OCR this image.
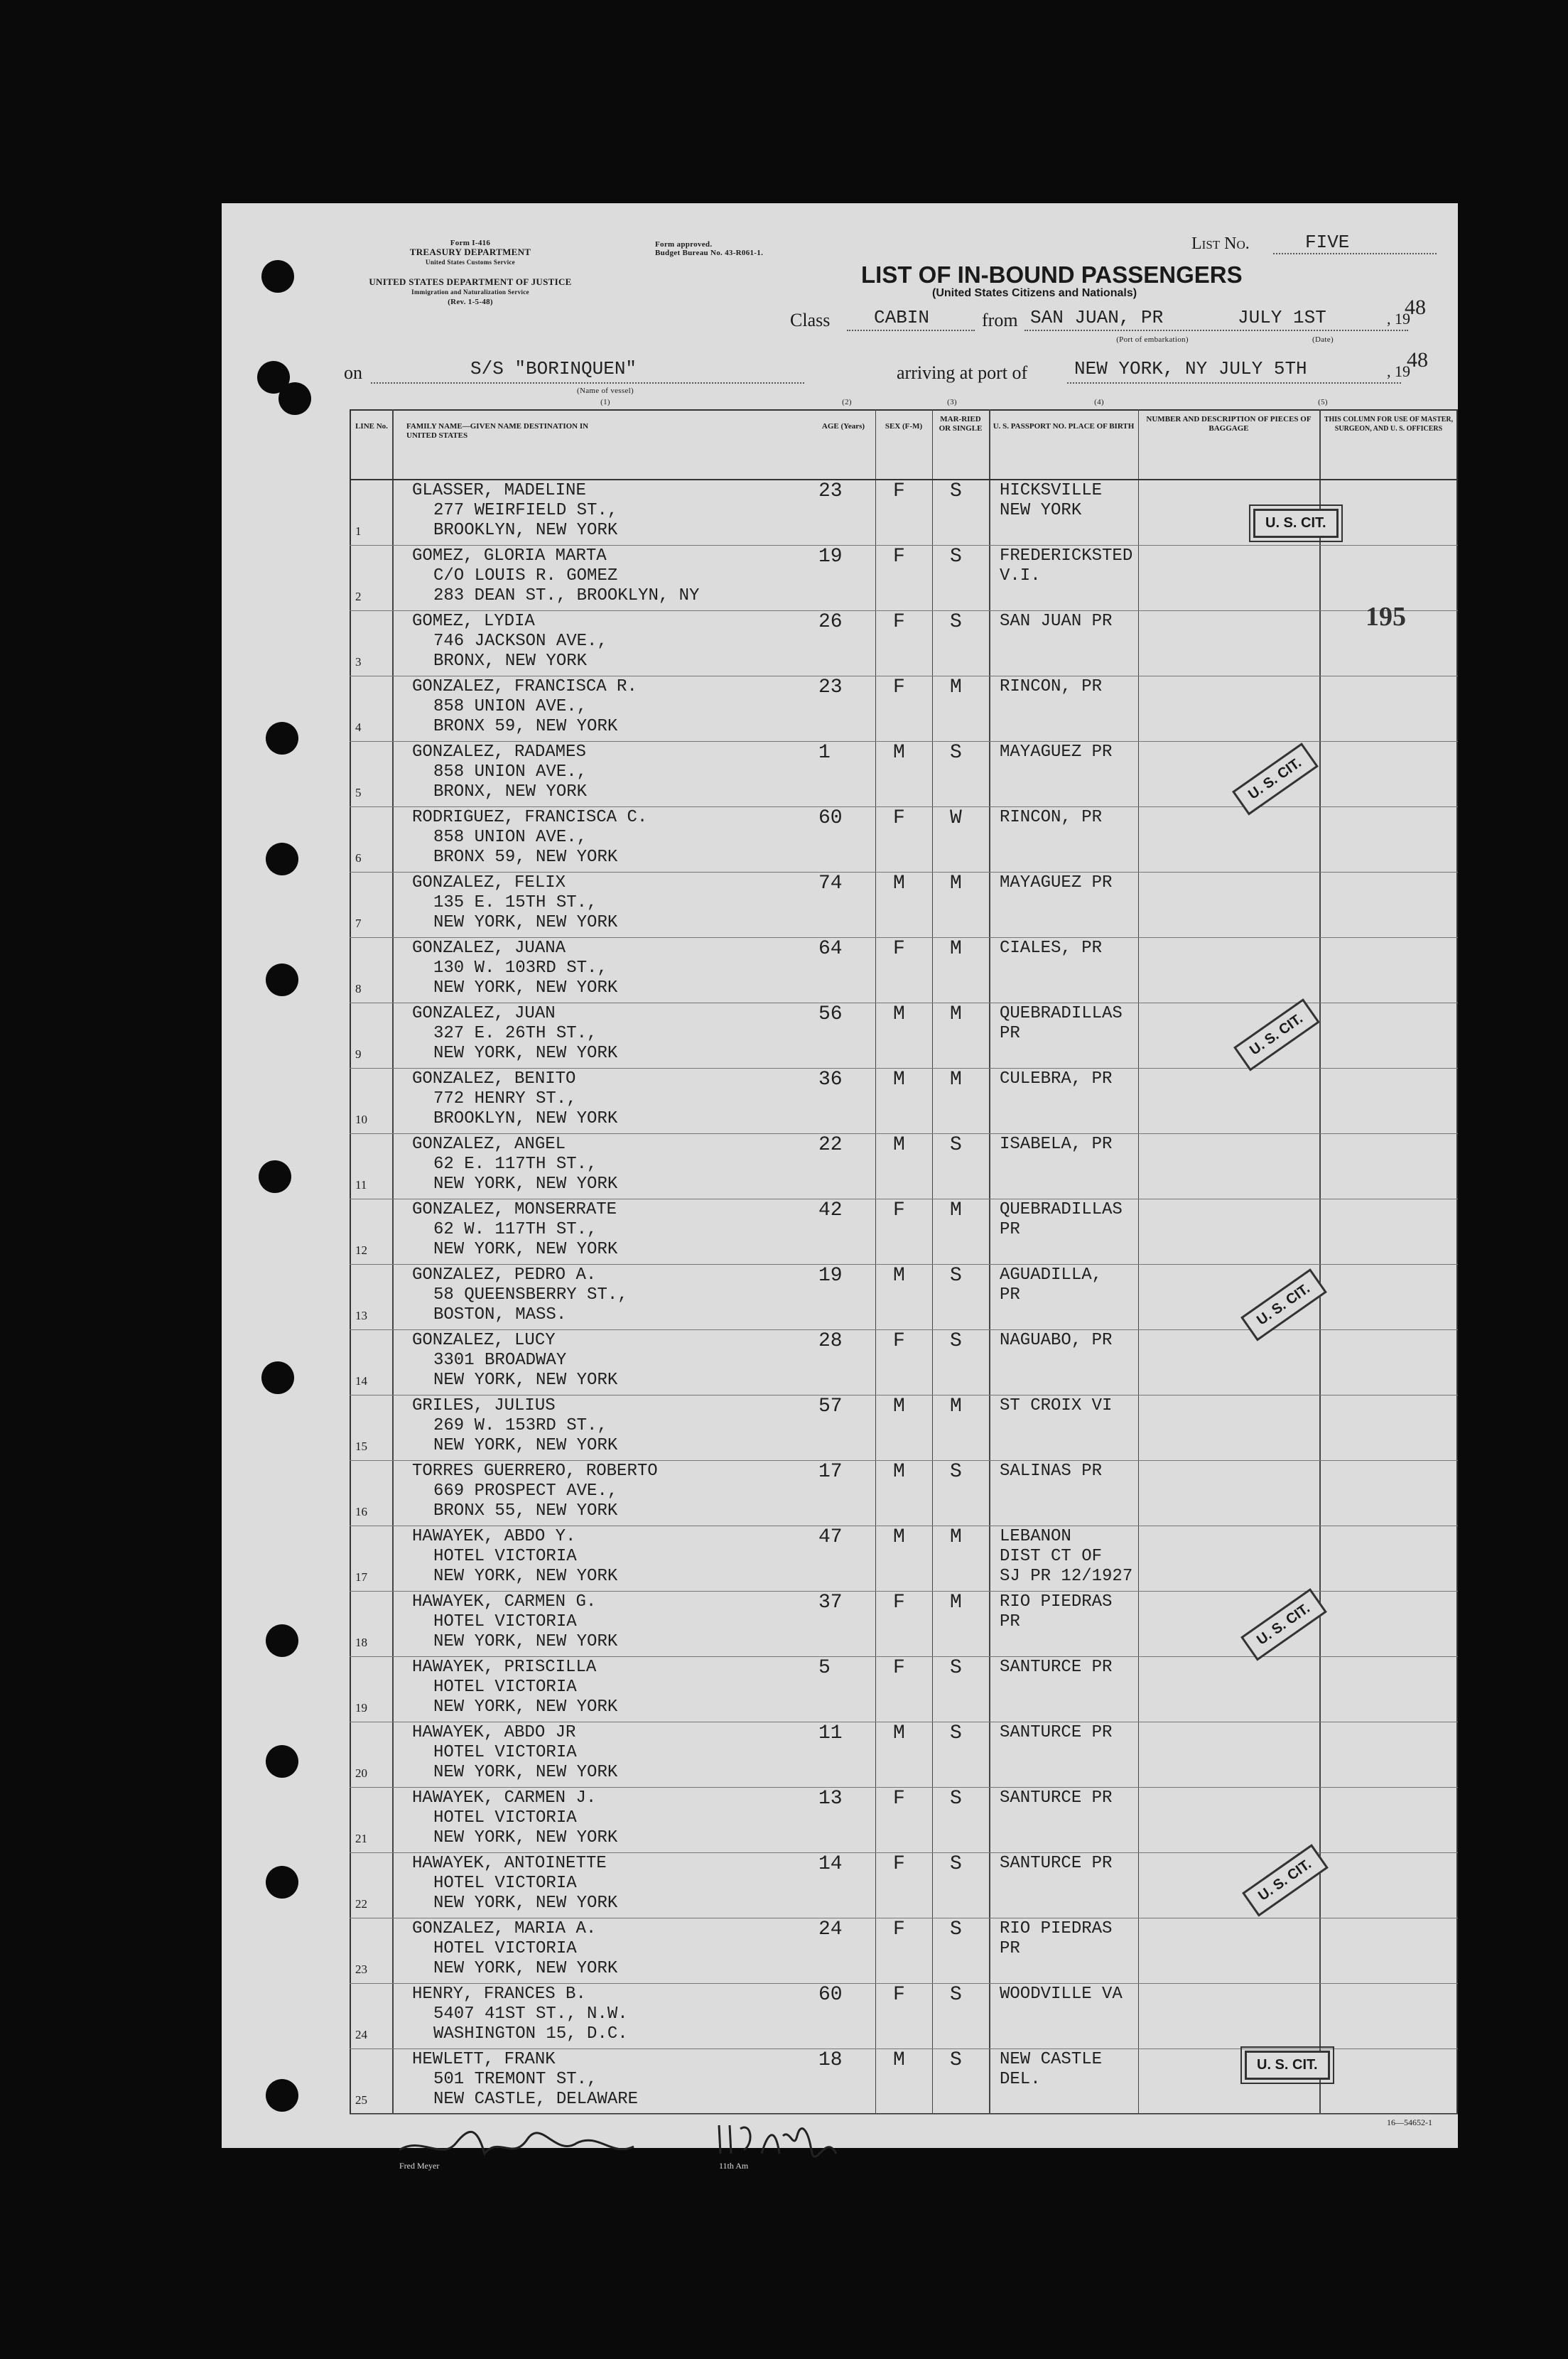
Form I-416
TREASURY DEPARTMENT
United States Customs Service
UNITED STATES DEPARTMENT OF JUSTICE
Immigration and Naturalization Service
(Rev. 1-5-48)
Form approved.
Budget Bureau No. 43-R061-1.	List No.	FIVE
LIST OF IN-BOUND PASSENGERS
(United States Citizens and Nationals)
Class CABIN	from SAN JUAN, PR	JULY 1ST	, 19
48
(Port of embarkation)	(Date)
on	S/S "BORINQUEN"	arriving at port of	NEW YORK, NY JULY 5TH	, 19
48
(Name of vessel)
(1)	(2)	(3)	(4)	(5)
LINE No.	FAMILY NAME—GIVEN NAME DESTINATION IN UNITED STATES
AGE (Years)	SEX (F-M)
MAR-RIED OR SINGLE	U. S. PASSPORT NO. PLACE OF BIRTH
NUMBER AND DESCRIPTION OF PIECES OF BAGGAGE
THIS COLUMN FOR USE OF MASTER, SURGEON, AND U. S. OFFICERS
1
GLASSER, MADELINE
277 WEIRFIELD ST.,
BROOKLYN, NEW YORK
23	F S HICKSVILLE
NEW YORK
2
GOMEZ, GLORIA MARTA
C/O LOUIS R. GOMEZ
283 DEAN ST., BROOKLYN, NY
19	F S FREDERICKSTED
V.I.
3
GOMEZ, LYDIA
746 JACKSON AVE.,
BRONX, NEW YORK
26	F S SAN JUAN PR
4
GONZALEZ, FRANCISCA R.
858 UNION AVE.,
BRONX 59, NEW YORK
23	F M RINCON, PR
5
GONZALEZ, RADAMES
858 UNION AVE.,
BRONX, NEW YORK
1	M S MAYAGUEZ PR
6
RODRIGUEZ, FRANCISCA C.
858 UNION AVE.,
BRONX 59, NEW YORK
60	F W RINCON, PR
7
GONZALEZ, FELIX
135 E. 15TH ST.,
NEW YORK, NEW YORK
74	M M MAYAGUEZ PR
8
GONZALEZ, JUANA
130 W. 103RD ST.,
NEW YORK, NEW YORK
64	F M CIALES, PR
9
GONZALEZ, JUAN
327 E. 26TH ST.,
NEW YORK, NEW YORK
56	M M QUEBRADILLAS
PR
10
GONZALEZ, BENITO
772 HENRY ST.,
BROOKLYN, NEW YORK
36	M M CULEBRA, PR
11
GONZALEZ, ANGEL
62 E. 117TH ST.,
NEW YORK, NEW YORK
22	M S ISABELA, PR
12
GONZALEZ, MONSERRATE
62 W. 117TH ST.,
NEW YORK, NEW YORK
42	F M QUEBRADILLAS
PR
13
GONZALEZ, PEDRO A.
58 QUEENSBERRY ST.,
BOSTON, MASS.
19	M S AGUADILLA,
PR
14
GONZALEZ, LUCY
3301 BROADWAY
NEW YORK, NEW YORK
28	F S NAGUABO, PR
15
GRILES, JULIUS
269 W. 153RD ST.,
NEW YORK, NEW YORK
57	M M ST CROIX VI
16
TORRES GUERRERO, ROBERTO
669 PROSPECT AVE.,
BRONX 55, NEW YORK
17	M S SALINAS PR
17
HAWAYEK, ABDO Y.
HOTEL VICTORIA
NEW YORK, NEW YORK
47	M M LEBANON
DIST CT OF
SJ PR 12/1927
18
HAWAYEK, CARMEN G.
HOTEL VICTORIA
NEW YORK, NEW YORK
37	F M RIO PIEDRAS
PR
19
HAWAYEK, PRISCILLA
HOTEL VICTORIA
NEW YORK, NEW YORK
5	F S SANTURCE PR
20
HAWAYEK, ABDO JR
HOTEL VICTORIA
NEW YORK, NEW YORK
11	M S SANTURCE PR
21
HAWAYEK, CARMEN J.
HOTEL VICTORIA
NEW YORK, NEW YORK
13	F S SANTURCE PR
22
HAWAYEK, ANTOINETTE
HOTEL VICTORIA
NEW YORK, NEW YORK
14	F S SANTURCE PR
23
GONZALEZ, MARIA A.
HOTEL VICTORIA
NEW YORK, NEW YORK
24	F S RIO PIEDRAS
PR
24
HENRY, FRANCES B.
5407 41ST ST., N.W.
WASHINGTON 15, D.C.
60	F S WOODVILLE VA
25
HEWLETT, FRANK
501 TREMONT ST.,
NEW CASTLE, DELAWARE
18	M S NEW CASTLE
DEL.
195
U. S. CIT.
U. S. CIT.
U. S. CIT.
U. S. CIT.
U. S. CIT.
U. S. CIT.
U. S. CIT.
Fred Meyer	11th Am
16—54652-1
